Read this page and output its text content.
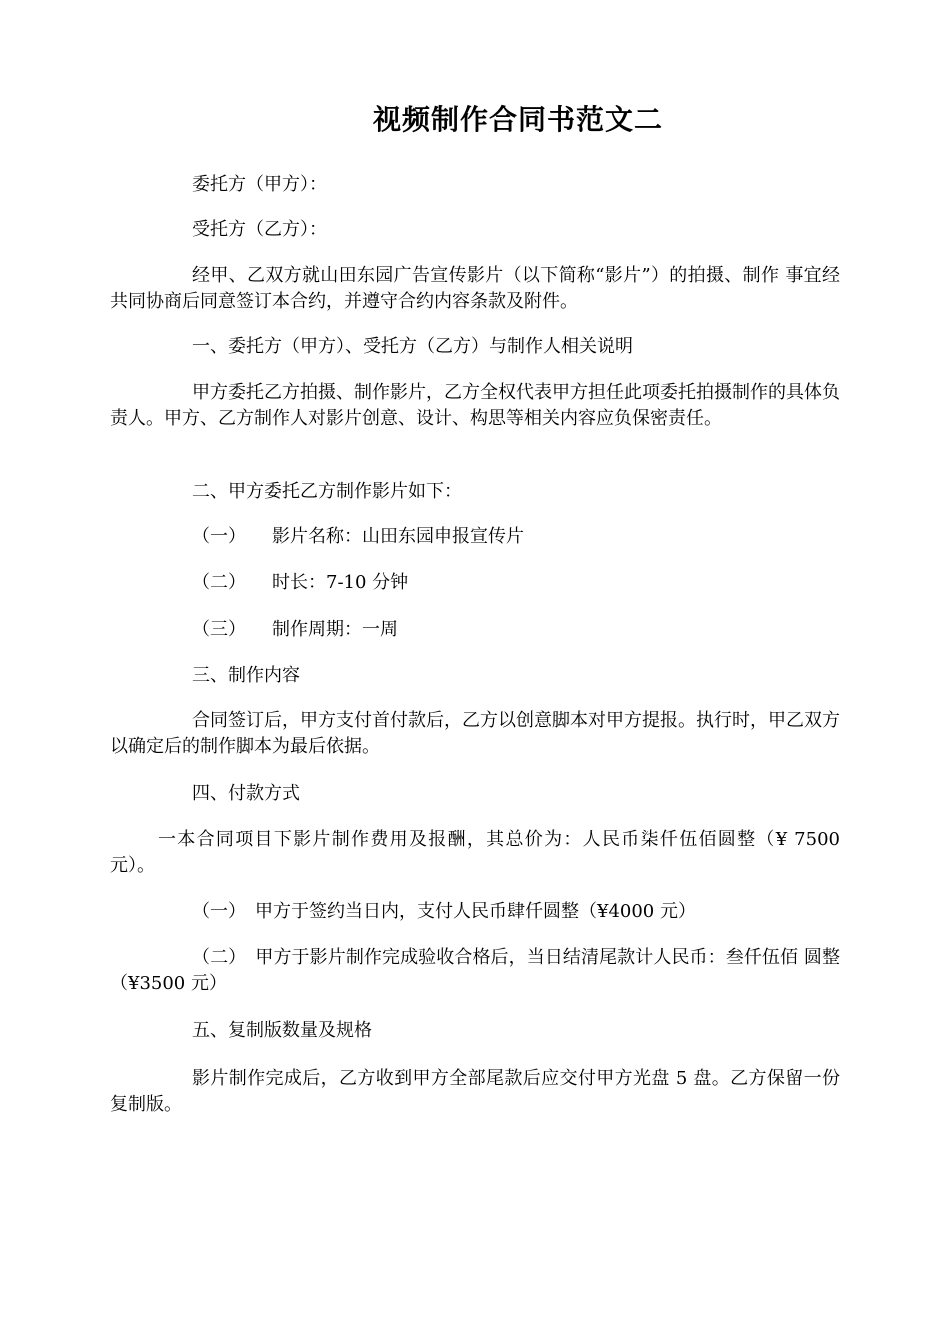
视频制作合同书范文二

委托方（甲方）：

受托方（乙方）：

经甲、乙双方就山田东园广告宣传影片（以下简称“影片”）的拍摄、制作 事宜经共同协商后同意签订本合约，并遵守合约内容条款及附件。

一、委托方（甲方）、受托方（乙方）与制作人相关说明

甲方委托乙方拍摄、制作影片，乙方全权代表甲方担任此项委托拍摄制作的具体负责人。甲方、乙方制作人对影片创意、设计、构思等相关内容应负保密责任。

二、甲方委托乙方制作影片如下：

（一） 影片名称：山田东园申报宣传片
（二） 时长：7-10 分钟
（三） 制作周期：一周

三、制作内容

合同签订后，甲方支付首付款后，乙方以创意脚本对甲方提报。执行时，甲乙双方以确定后的制作脚本为最后依据。

四、付款方式

一本合同项目下影片制作费用及报酬，其总价为：人民币柒仟伍佰圆整（¥ 7500 元）。

（一）　甲方于签约当日内，支付人民币肆仟圆整（¥4000 元）

（二）　甲方于影片制作完成验收合格后，当日结清尾款计人民币：叁仟伍佰 圆整（¥3500 元）

五、复制版数量及规格

影片制作完成后，乙方收到甲方全部尾款后应交付甲方光盘 5 盘。乙方保留一份复制版。
